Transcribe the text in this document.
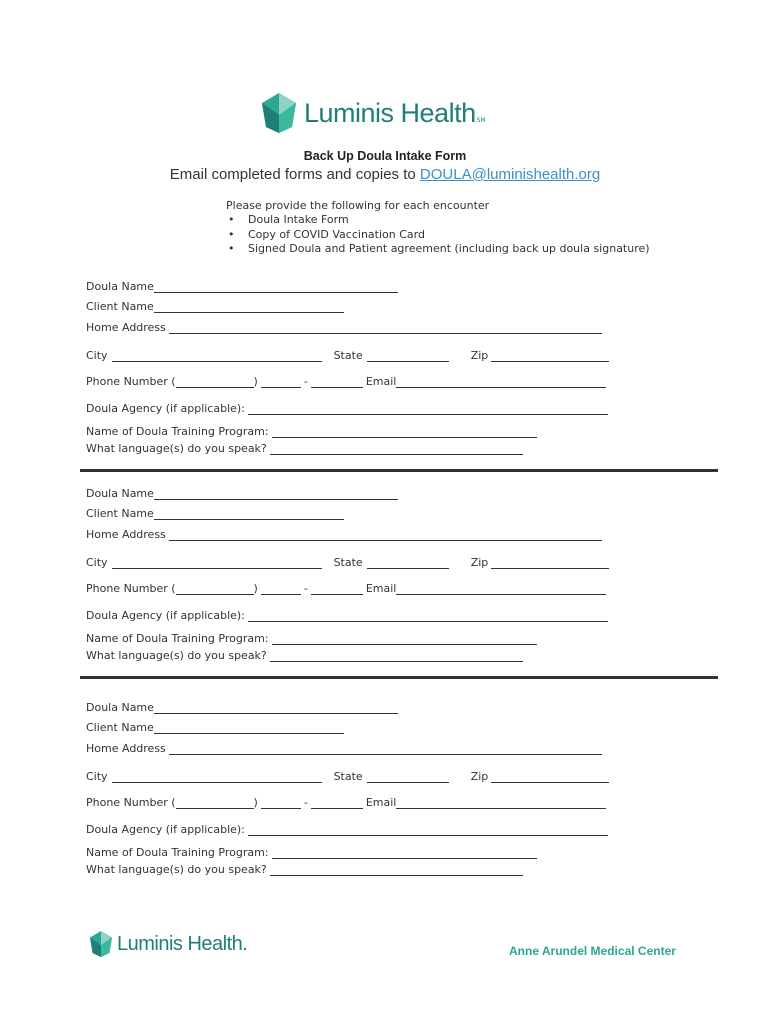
Luminis Health SM
Back Up Doula Intake Form
Email completed forms and copies to DOULA@luminishealth.org
Please provide the following for each encounter
• Doula Intake Form
• Copy of COVID Vaccination Card
• Signed Doula and Patient agreement (including back up doula signature)
Doula Name
Client Name
Home Address
City	State	Zip
Phone Number (	)	-	Email
Doula Agency (if applicable):
Name of Doula Training Program:
What language(s) do you speak?
Doula Name
Client Name
Home Address
City	State	Zip
Phone Number (	)	-	Email
Doula Agency (if applicable):
Name of Doula Training Program:
What language(s) do you speak?
Doula Name
Client Name
Home Address
City	State	Zip
Phone Number (	)	-	Email
Doula Agency (if applicable):
Name of Doula Training Program:
What language(s) do you speak?
Luminis Health.	Anne Arundel Medical Center
